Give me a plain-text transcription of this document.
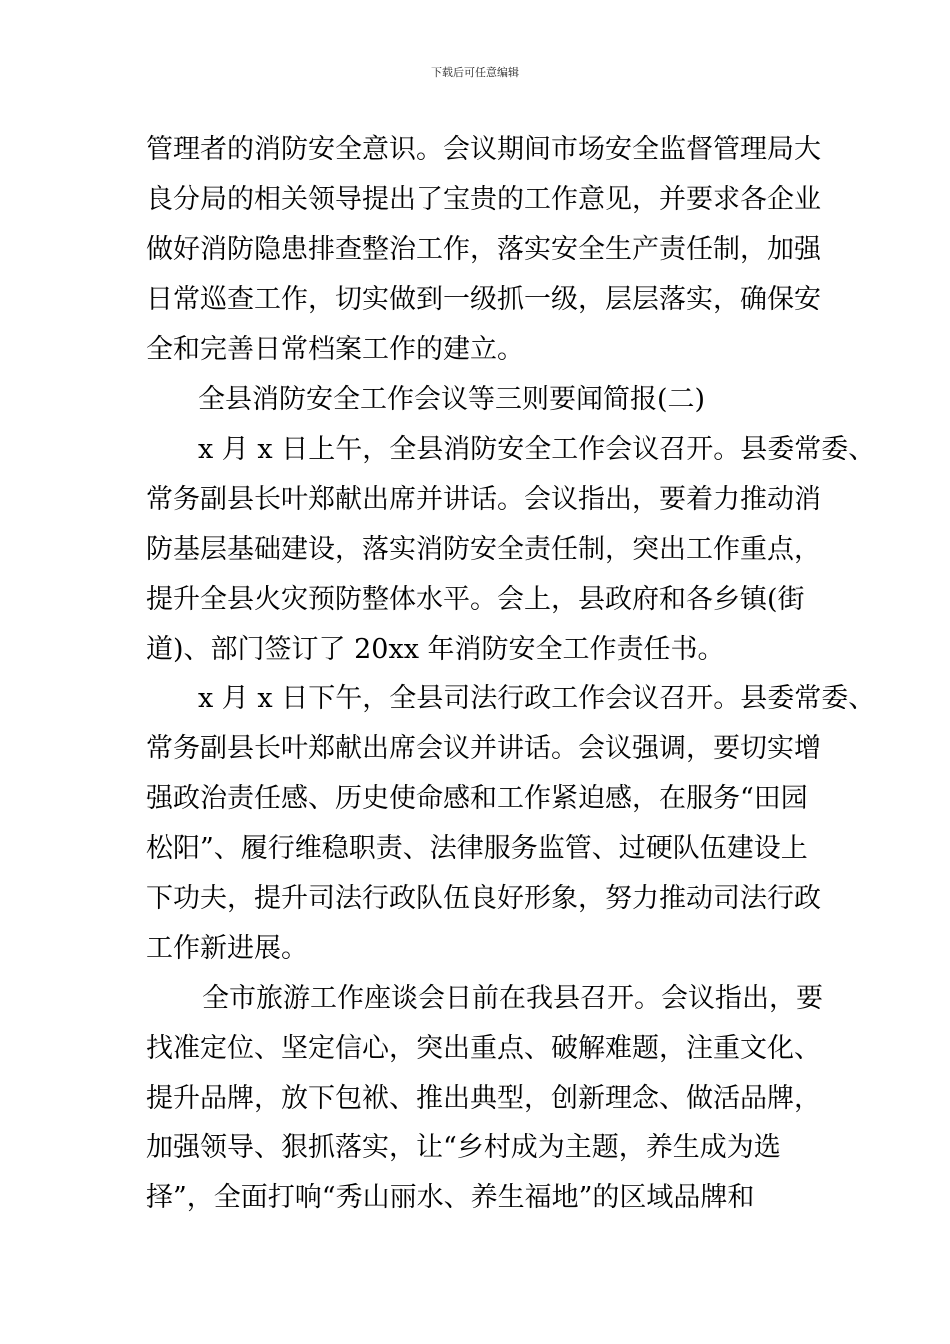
下载后可任意编辑
管理者的消防安全意识。会议期间市场安全监督管理局大
良分局的相关领导提出了宝贵的工作意见，并要求各企业
做好消防隐患排查整治工作，落实安全生产责任制，加强
日常巡查工作，切实做到一级抓一级，层层落实，确保安
全和完善日常档案工作的建立。
全县消防安全工作会议等三则要闻简报(二)
x 月 x 日上午，全县消防安全工作会议召开。县委常委、
常务副县长叶郑献出席并讲话。会议指出，要着力推动消
防基层基础建设，落实消防安全责任制，突出工作重点，
提升全县火灾预防整体水平。会上，县政府和各乡镇(街
道)、部门签订了 20xx 年消防安全工作责任书。
x 月 x 日下午，全县司法行政工作会议召开。县委常委、
常务副县长叶郑献出席会议并讲话。会议强调，要切实增
强政治责任感、历史使命感和工作紧迫感，在服务“田园
松阳”、履行维稳职责、法律服务监管、过硬队伍建设上
下功夫，提升司法行政队伍良好形象，努力推动司法行政
工作新进展。
全市旅游工作座谈会日前在我县召开。会议指出，要
找准定位、坚定信心，突出重点、破解难题，注重文化、
提升品牌，放下包袱、推出典型，创新理念、做活品牌，
加强领导、狠抓落实，让“乡村成为主题，养生成为选
择”，全面打响“秀山丽水、养生福地”的区域品牌和
